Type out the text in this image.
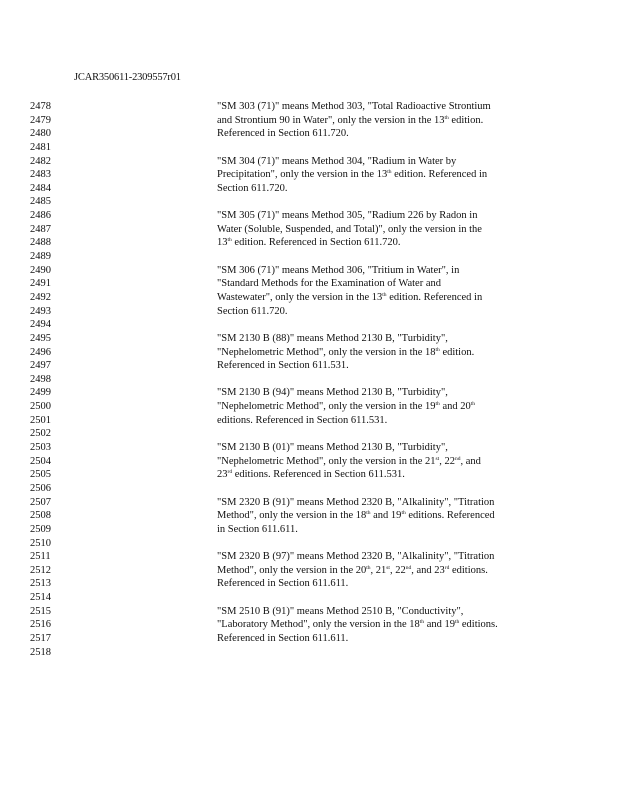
JCAR350611-2309557r01
2478
2479
2480
2481
2482
2483
2484
2485
2486
2487
2488
2489
2490
2491
2492
2493
2494
2495
2496
2497
2498
2499
2500
2501
2502
2503
2504
2505
2506
2507
2508
2509
2510
2511
2512
2513
2514
2515
2516
2517
2518
"SM 303 (71)" means Method 303, "Total Radioactive Strontium
and Strontium 90 in Water", only the version in the 13th edition.
Referenced in Section 611.720.
"SM 304 (71)" means Method 304, "Radium in Water by
Precipitation", only the version in the 13th edition. Referenced in
Section 611.720.
"SM 305 (71)" means Method 305, "Radium 226 by Radon in
Water (Soluble, Suspended, and Total)", only the version in the
13th edition. Referenced in Section 611.720.
"SM 306 (71)" means Method 306, "Tritium in Water", in
"Standard Methods for the Examination of Water and
Wastewater", only the version in the 13th edition. Referenced in
Section 611.720.
"SM 2130 B (88)" means Method 2130 B, "Turbidity",
"Nephelometric Method", only the version in the 18th edition.
Referenced in Section 611.531.
"SM 2130 B (94)" means Method 2130 B, "Turbidity",
"Nephelometric Method", only the version in the 19th and 20th
editions. Referenced in Section 611.531.
"SM 2130 B (01)" means Method 2130 B, "Turbidity",
"Nephelometric Method", only the version in the 21st, 22nd, and
23rd editions. Referenced in Section 611.531.
"SM 2320 B (91)" means Method 2320 B, "Alkalinity", "Titration
Method", only the version in the 18th and 19th editions. Referenced
in Section 611.611.
"SM 2320 B (97)" means Method 2320 B, "Alkalinity", "Titration
Method", only the version in the 20th, 21st, 22nd, and 23rd editions.
Referenced in Section 611.611.
"SM 2510 B (91)" means Method 2510 B, "Conductivity",
"Laboratory Method", only the version in the 18th and 19th editions.
Referenced in Section 611.611.
